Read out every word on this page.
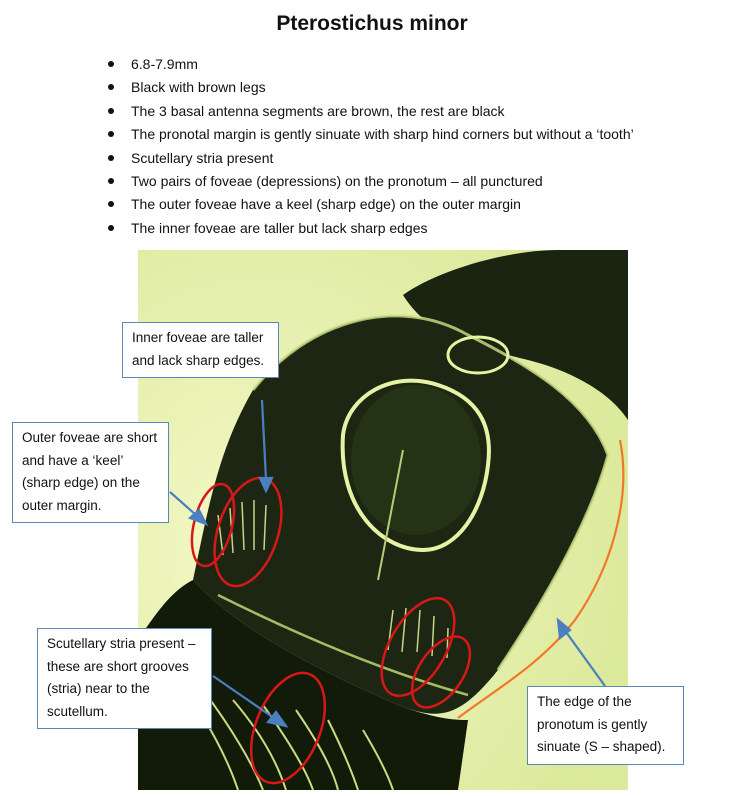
Pterostichus minor
6.8-7.9mm
Black with brown legs
The 3 basal antenna segments are brown, the rest are black
The pronotal margin is gently sinuate with sharp hind corners but without a ‘tooth’
Scutellary stria present
Two pairs of foveae (depressions) on the pronotum – all punctured
The outer foveae have a keel (sharp edge) on the outer margin
The inner foveae are taller but lack sharp edges
Inner foveae are taller and lack sharp edges.
Outer foveae are short and have a ‘keel’ (sharp edge) on the outer margin.
Scutellary stria present – these are short grooves (stria) near to the scutellum.
The edge of the pronotum is gently sinuate (S – shaped).
